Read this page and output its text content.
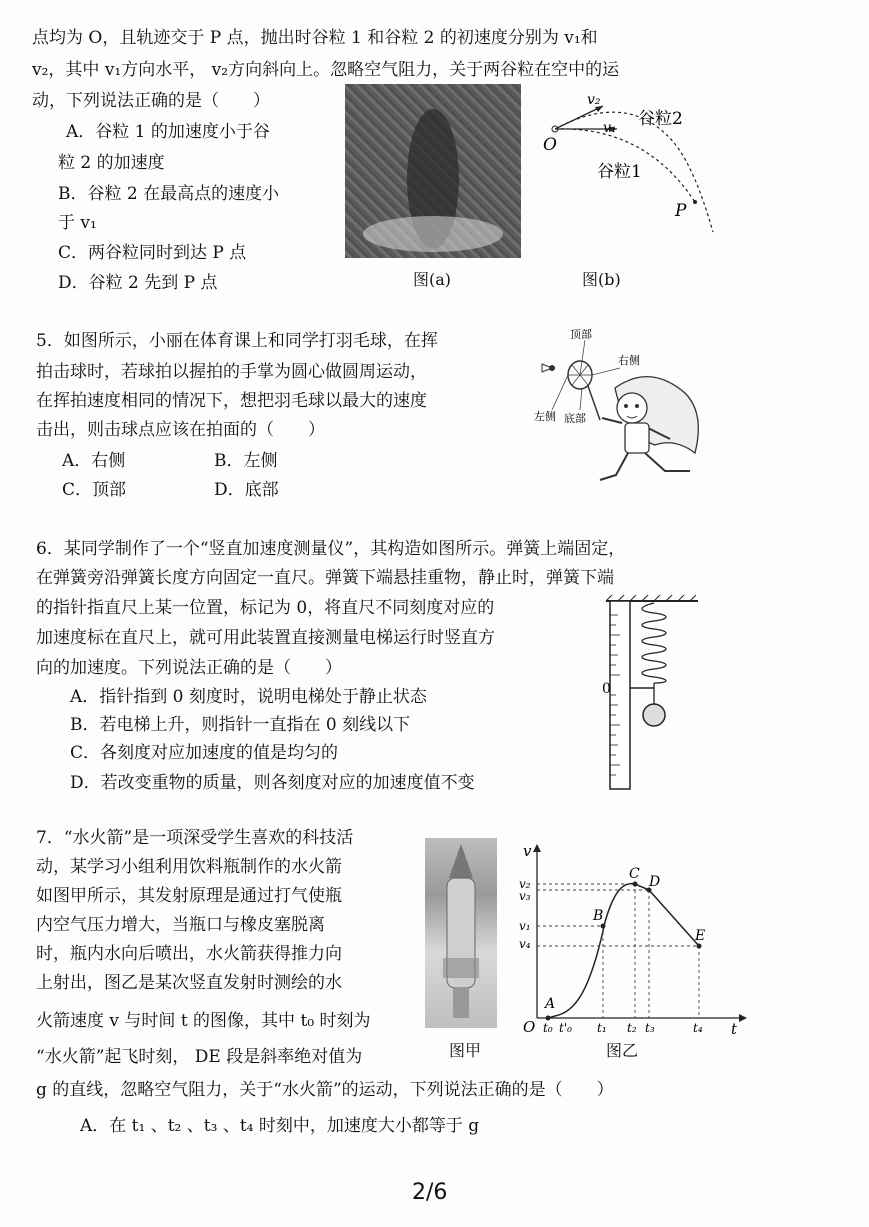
点均为 O，且轨迹交于 P 点，抛出时谷粒 1 和谷粒 2 的初速度分别为 v₁和
v₂，其中 v₁方向水平， v₂方向斜向上。忽略空气阻力，关于两谷粒在空中的运
动，下列说法正确的是（　　）
A．谷粒 1 的加速度小于谷
粒 2 的加速度
B．谷粒 2 在最高点的速度小
于 v₁
C．两谷粒同时到达 P 点
D．谷粒 2 先到 P 点	图(a)
O
v₂
v₁ 谷粒2
谷粒1
P
图(b)
5．如图所示，小丽在体育课上和同学打羽毛球，在挥
拍击球时，若球拍以握拍的手掌为圆心做圆周运动，
在挥拍速度相同的情况下，想把羽毛球以最大的速度
击出，则击球点应该在拍面的（　　）
A．右侧	B．左侧
C．顶部	D．底部
顶部
右侧
左侧 底部
6．某同学制作了一个“竖直加速度测量仪”，其构造如图所示。弹簧上端固定，
在弹簧旁沿弹簧长度方向固定一直尺。弹簧下端悬挂重物，静止时，弹簧下端
的指针指直尺上某一位置，标记为 0，将直尺不同刻度对应的
加速度标在直尺上，就可用此装置直接测量电梯运行时竖直方
向的加速度。下列说法正确的是（　　）
A．指针指到 0 刻度时，说明电梯处于静止状态
B．若电梯上升，则指针一直指在 0 刻线以下
C．各刻度对应加速度的值是均匀的
D．若改变重物的质量，则各刻度对应的加速度值不变
0
7．“水火箭”是一项深受学生喜欢的科技活
动，某学习小组利用饮料瓶制作的水火箭
如图甲所示，其发射原理是通过打气使瓶
内空气压力增大，当瓶口与橡皮塞脱离
时，瓶内水向后喷出，水火箭获得推力向
上射出，图乙是某次竖直发射时测绘的水
火箭速度 v 与时间 t 的图像，其中 t₀ 时刻为
“水火箭”起飞时刻， DE 段是斜率绝对值为
g 的直线，忽略空气阻力，关于“水火箭”的运动，下列说法正确的是（　　）
A．在 t₁ 、t₂ 、t₃ 、t₄ 时刻中，加速度大小都等于 g
图甲
v
t
O
v₂
v₃
v₁
v₄
t₀ t'₀ t₁ t₂ t₃	t₄
A
B
C D
E
图乙
2/6
